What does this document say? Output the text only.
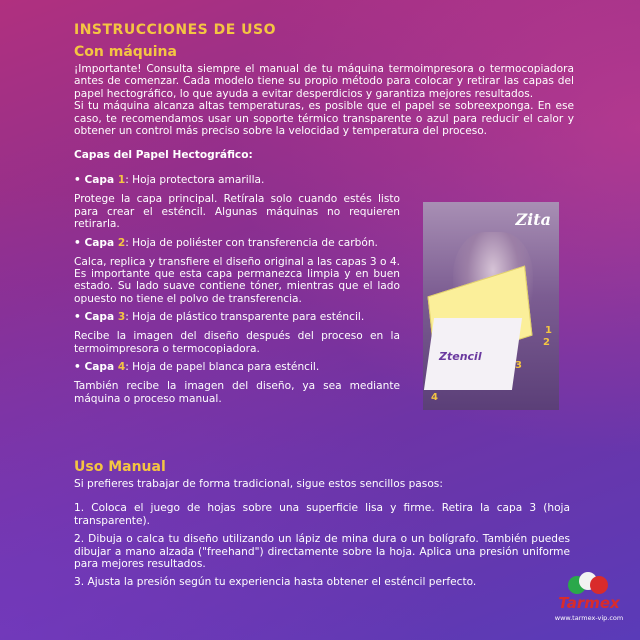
INSTRUCCIONES DE USO
Con máquina

¡Importante! Consulta siempre el manual de tu máquina termoimpresora o termocopiadora antes de comenzar. Cada modelo tiene su propio método para colocar y retirar las capas del papel hectográfico, lo que ayuda a evitar desperdicios y garantiza mejores resultados.

Si tu máquina alcanza altas temperaturas, es posible que el papel se sobreexponga. En ese caso, te recomendamos usar un soporte térmico transparente o azul para reducir el calor y obtener un control más preciso sobre la velocidad y temperatura del proceso.

Capas del Papel Hectográfico:

• Capa 1: Hoja protectora amarilla.

Protege la capa principal. Retírala solo cuando estés listo para crear el esténcil. Algunas máquinas no requieren retirarla.

• Capa 2: Hoja de poliéster con transferencia de carbón.

Calca, replica y transfiere el diseño original a las capas 3 o 4. Es importante que esta capa permanezca limpia y en buen estado. Su lado suave contiene tóner, mientras que el lado opuesto no tiene el polvo de transferencia.

• Capa 3: Hoja de plástico transparente para esténcil.

Recibe la imagen del diseño después del proceso en la termoimpresora o termocopiadora.

• Capa 4: Hoja de papel blanca para esténcil.

También recibe la imagen del diseño, ya sea mediante máquina o proceso manual.

Zita
Ztencil
1
2
3
4
Uso Manual

Si prefieres trabajar de forma tradicional, sigue estos sencillos pasos:

1. Coloca el juego de hojas sobre una superficie lisa y firme. Retira la capa 3 (hoja transparente).

2. Dibuja o calca tu diseño utilizando un lápiz de mina dura o un bolígrafo. También puedes dibujar a mano alzada ("freehand") directamente sobre la hoja. Aplica una presión uniforme para mejores resultados.

3. Ajusta la presión según tu experiencia hasta obtener el esténcil perfecto.

Tarmex
www.tarmex-vip.com
